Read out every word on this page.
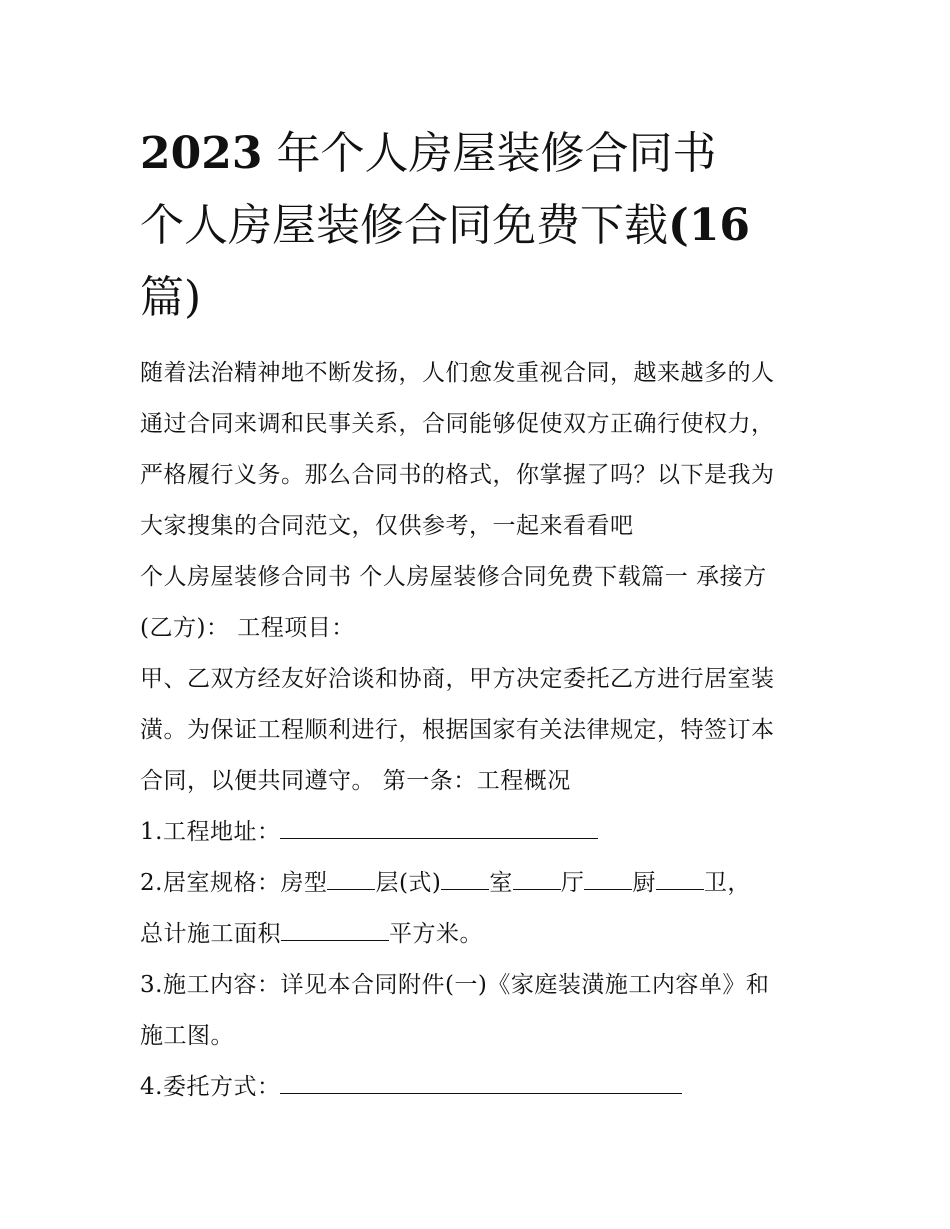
2023 年个人房屋装修合同书
个人房屋装修合同免费下载(16
篇)

随着法治精神地不断发扬，人们愈发重视合同，越来越多的人

通过合同来调和民事关系，合同能够促使双方正确行使权力，

严格履行义务。那么合同书的格式，你掌握了吗？以下是我为

大家搜集的合同范文，仅供参考，一起来看看吧

个人房屋装修合同书 个人房屋装修合同免费下载篇一 承接方

(乙方)： 工程项目：

甲、乙双方经友好洽谈和协商，甲方决定委托乙方进行居室装

潢。为保证工程顺利进行，根据国家有关法律规定，特签订本

合同，以便共同遵守。 第一条：工程概况

1.工程地址：

2.居室规格：房型 层(式) 室 厅 厨 卫，

总计施工面积	平方米。

3.施工内容：详见本合同附件(一)《家庭装潢施工内容单》和

施工图。

4.委托方式：
